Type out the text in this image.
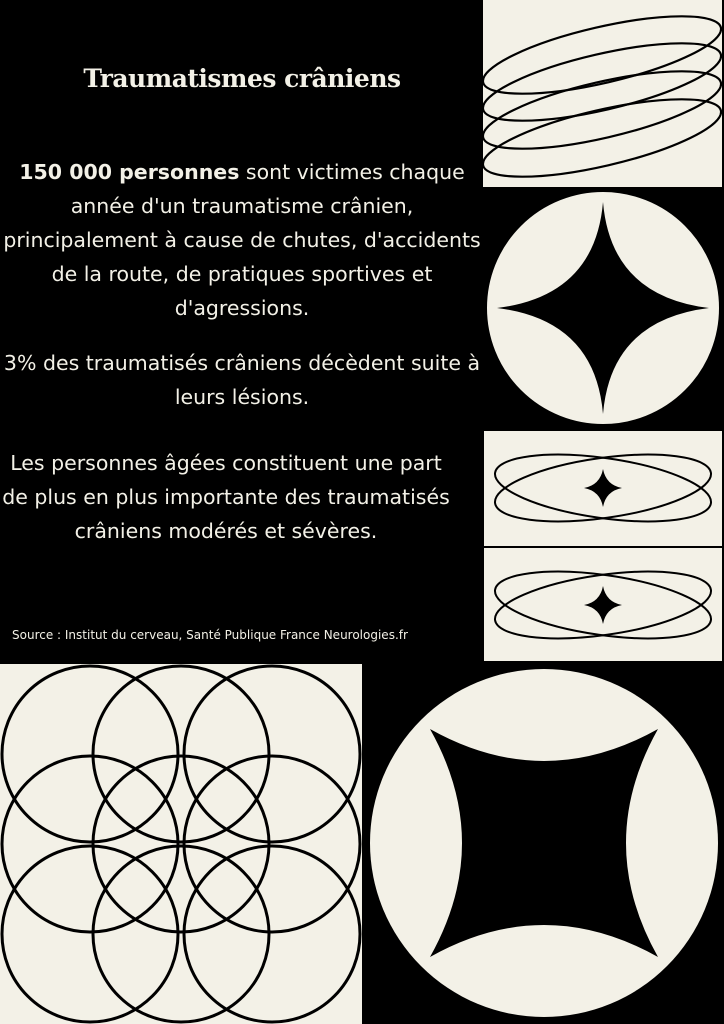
Traumatismes crâniens
150 000 personnes sont victimes chaque année d'un traumatisme crânien, principalement à cause de chutes, d'accidents de la route, de pratiques sportives et d'agressions.
3% des traumatisés crâniens décèdent suite à leurs lésions.
Les personnes âgées constituent une part de plus en plus importante des traumatisés crâniens modérés et sévères.
Source : Institut du cerveau, Santé Publique France Neurologies.fr
